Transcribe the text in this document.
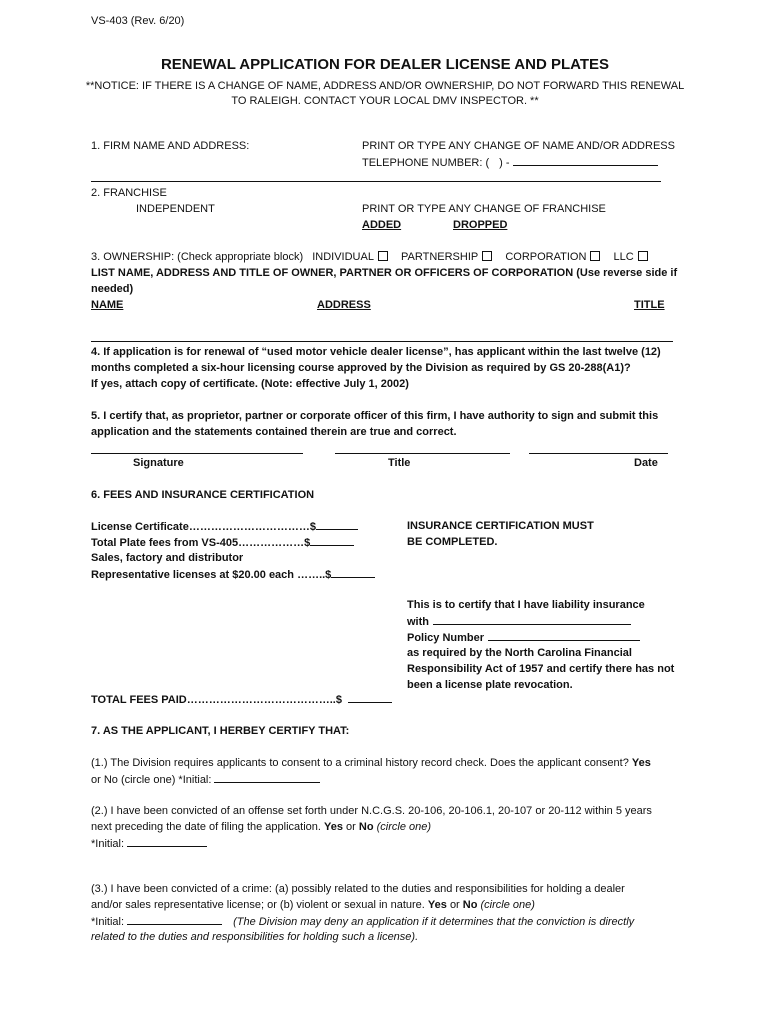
VS-403 (Rev. 6/20)
RENEWAL APPLICATION FOR DEALER LICENSE AND PLATES
**NOTICE: IF THERE IS A CHANGE OF NAME, ADDRESS AND/OR OWNERSHIP, DO NOT FORWARD THIS RENEWAL
TO RALEIGH. CONTACT YOUR LOCAL DMV INSPECTOR. **
1. FIRM NAME AND ADDRESS:	PRINT OR TYPE ANY CHANGE OF NAME AND/OR ADDRESS
TELEPHONE NUMBER: ( ) -
2. FRANCHISE
INDEPENDENT	PRINT OR TYPE ANY CHANGE OF FRANCHISE
ADDED	DROPPED
3. OWNERSHIP: (Check appropriate block) INDIVIDUAL PARTNERSHIP CORPORATION LLC
LIST NAME, ADDRESS AND TITLE OF OWNER, PARTNER OR OFFICERS OF CORPORATION (Use reverse side if
needed)
NAME	ADDRESS	TITLE
4. If application is for renewal of “used motor vehicle dealer license”, has applicant within the last twelve (12)
months completed a six-hour licensing course approved by the Division as required by GS 20-288(A1)?
If yes, attach copy of certificate. (Note: effective July 1, 2002)
5. I certify that, as proprietor, partner or corporate officer of this firm, I have authority to sign and submit this
application and the statements contained therein are true and correct.
Signature	Title	Date
6. FEES AND INSURANCE CERTIFICATION
License Certificate……………………………$
Total Plate fees from VS-405………………$
Sales, factory and distributor
Representative licenses at $20.00 each ……..$
TOTAL FEES PAID…………………………………..$
INSURANCE CERTIFICATION MUST
BE COMPLETED.
This is to certify that I have liability insurance
with
Policy Number
as required by the North Carolina Financial
Responsibility Act of 1957 and certify there has not
been a license plate revocation.
7. AS THE APPLICANT, I HERBEY CERTIFY THAT:
(1.) The Division requires applicants to consent to a criminal history record check. Does the applicant consent? Yes
or No (circle one) *Initial:
(2.) I have been convicted of an offense set forth under N.C.G.S. 20-106, 20-106.1, 20-107 or 20-112 within 5 years
next preceding the date of filing the application. Yes or No (circle one)
*Initial:
(3.) I have been convicted of a crime: (a) possibly related to the duties and responsibilities for holding a dealer
and/or sales representative license; or (b) violent or sexual in nature. Yes or No (circle one)
*Initial:	(The Division may deny an application if it determines that the conviction is directly
related to the duties and responsibilities for holding such a license).
